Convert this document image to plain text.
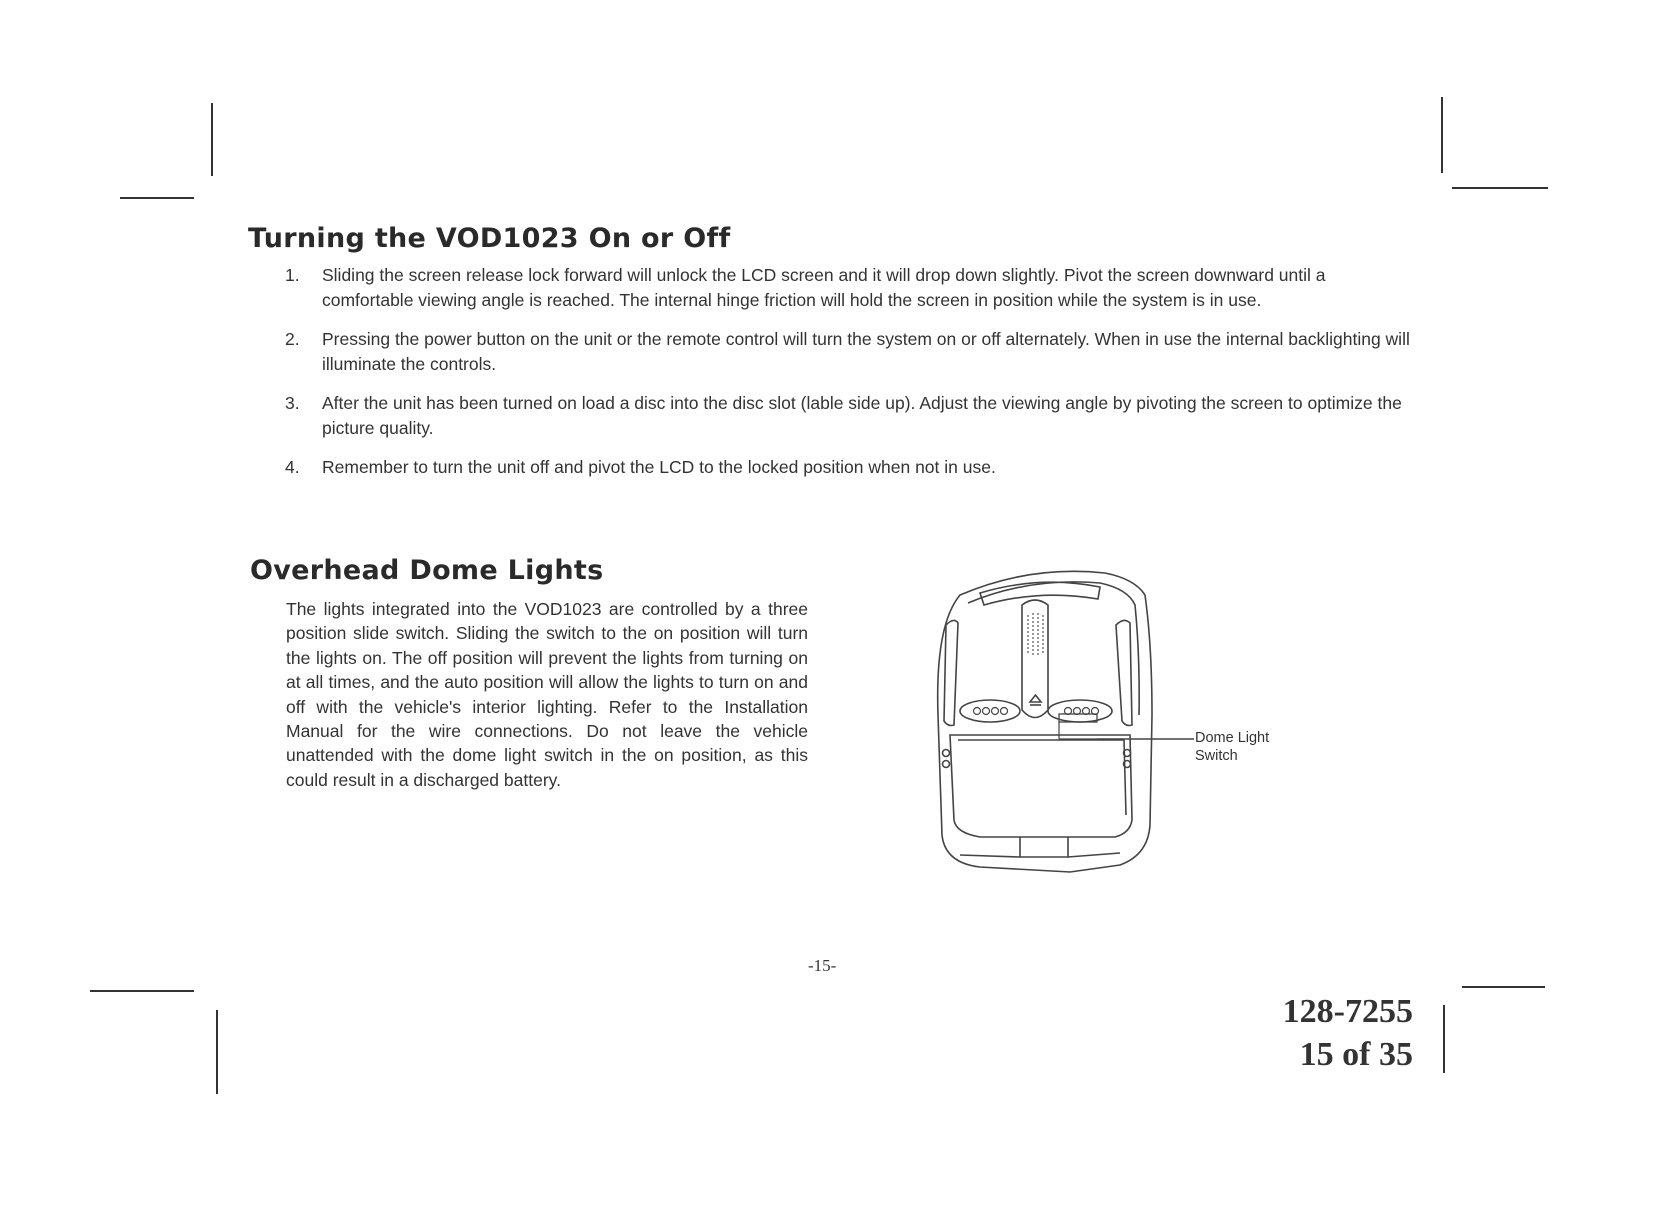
Turning the VOD1023 On or Off
1. Sliding the screen release lock forward will unlock the LCD screen and it will drop down slightly. Pivot the screen downward until a comfortable viewing angle is reached. The internal hinge friction will hold the screen in position while the system is in use.
2. Pressing the power button on the unit or the remote control will turn the system on or off alternately. When in use the internal backlighting will illuminate the controls.
3. After the unit has been turned on load a disc into the disc slot (lable side up). Adjust the viewing angle by pivoting the screen to optimize the picture quality.
4. Remember to turn the unit off and pivot the LCD to the locked position when not in use.
Overhead Dome Lights

The lights integrated into the VOD1023 are controlled by a three position slide switch. Sliding the switch to the on position will turn the lights on. The off position will prevent the lights from turning on at all times, and the auto position will allow the lights to turn on and off with the vehicle's interior lighting. Refer to the Installation Manual for the wire connections. Do not leave the vehicle unattended with the dome light switch in the on position, as this could result in a discharged battery.

Dome Light
Switch
-15-
128-7255
15 of 35
